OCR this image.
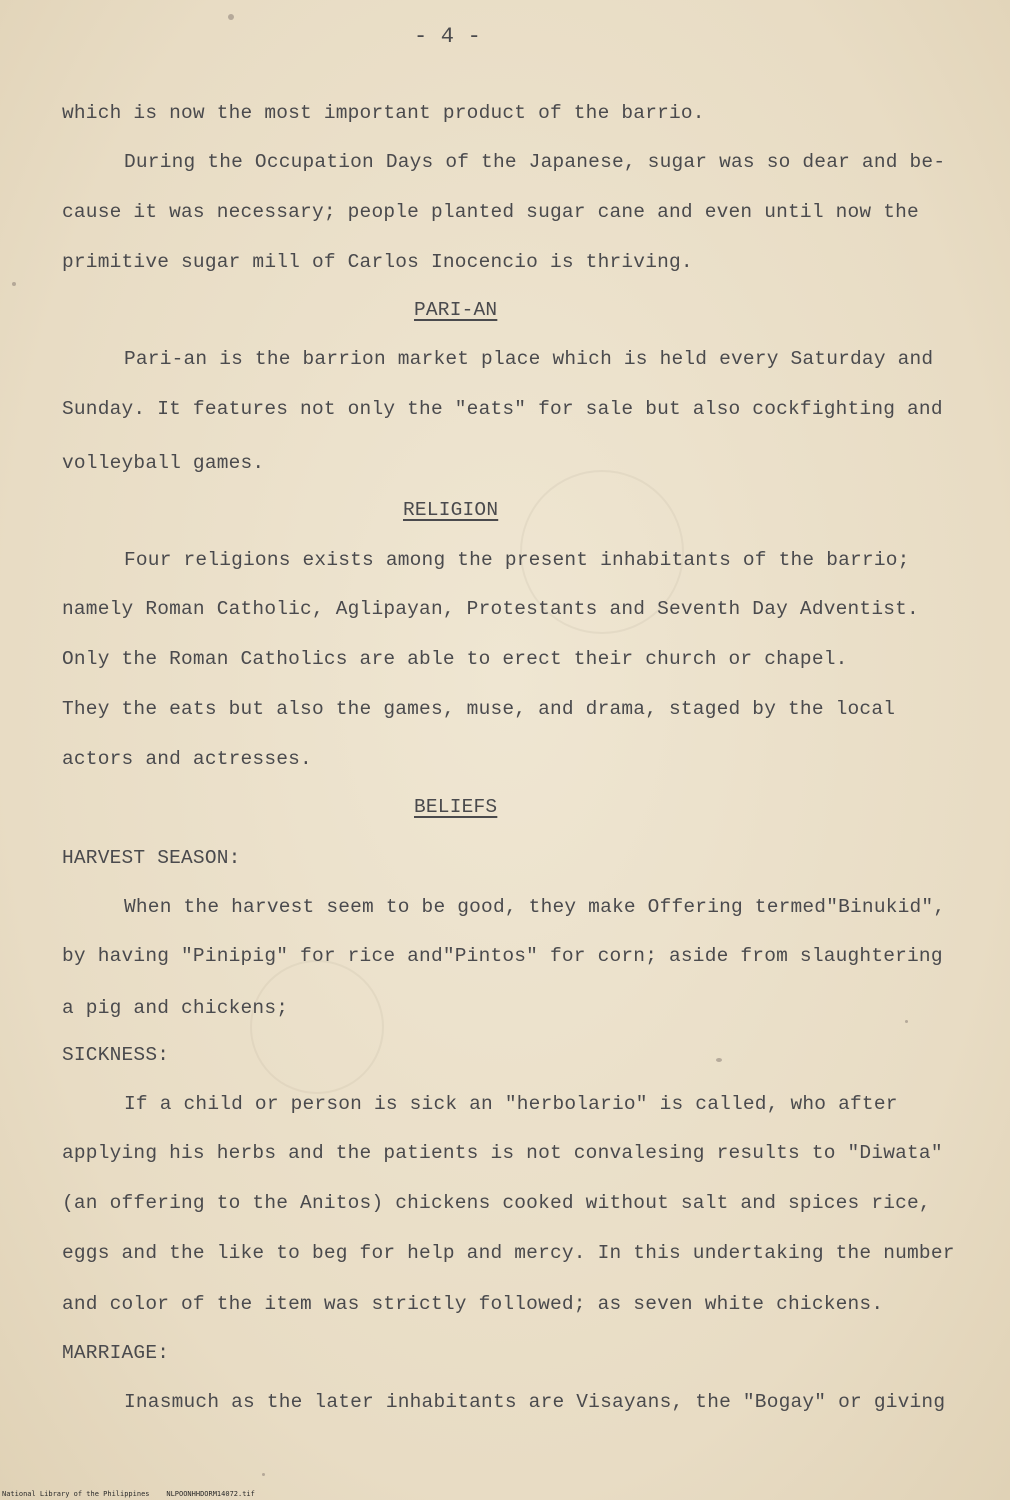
- 4 -
which is now the most important product of the barrio.
During the Occupation Days of the Japanese, sugar was so dear and be-
cause it was necessary; people planted sugar cane and even until now the
primitive sugar mill of Carlos Inocencio is thriving.
PARI-AN
Pari-an is the barrion market place which is held every Saturday and
Sunday. It features not only the "eats" for sale but also cockfighting and
volleyball games.
RELIGION
Four religions exists among the present inhabitants of the barrio;
namely Roman Catholic, Aglipayan, Protestants and Seventh Day Adventist.
Only the Roman Catholics are able to erect their church or chapel.
They the eats but also the games, muse, and drama, staged by the local
actors and actresses.
BELIEFS
HARVEST SEASON:
When the harvest seem to be good, they make Offering termed"Binukid",
by having "Pinipig" for rice and"Pintos" for corn; aside from slaughtering
a pig and chickens;
SICKNESS:
If a child or person is sick an "herbolario" is called, who after
applying his herbs and the patients is not convalesing results to "Diwata"
(an offering to the Anitos) chickens cooked without salt and spices rice,
eggs and the like to beg for help and mercy. In this undertaking the number
and color of the item was strictly followed; as seven white chickens.
MARRIAGE:
Inasmuch as the later inhabitants are Visayans, the "Bogay" or giving
National Library of the Philippines    NLPOONHHDORM14072.tif
